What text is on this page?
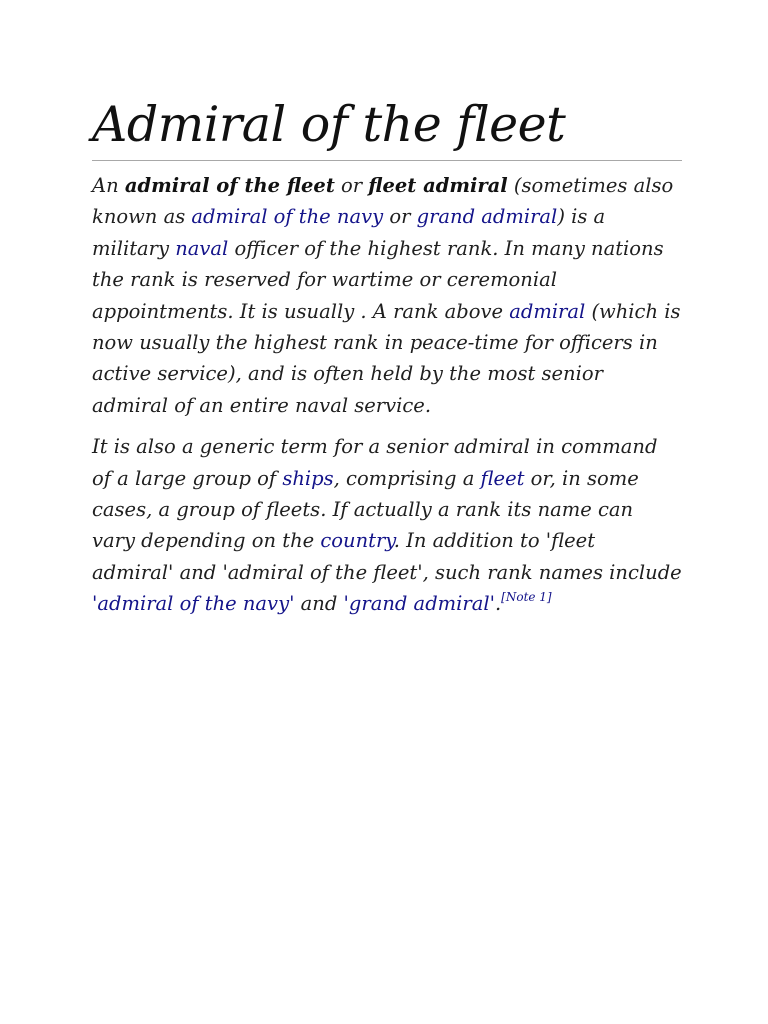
Admiral of the fleet

An admiral of the fleet or fleet admiral (sometimes also known as admiral of the navy or grand admiral) is a military naval officer of the highest rank. In many nations the rank is reserved for wartime or ceremonial appointments. It is usually . A rank above admiral (which is now usually the highest rank in peace-time for officers in active service), and is often held by the most senior admiral of an entire naval service.

It is also a generic term for a senior admiral in command of a large group of ships, comprising a fleet or, in some cases, a group of fleets. If actually a rank its name can vary depending on the country. In addition to 'fleet admiral' and 'admiral of the fleet', such rank names include 'admiral of the navy' and 'grand admiral'.[Note 1]
